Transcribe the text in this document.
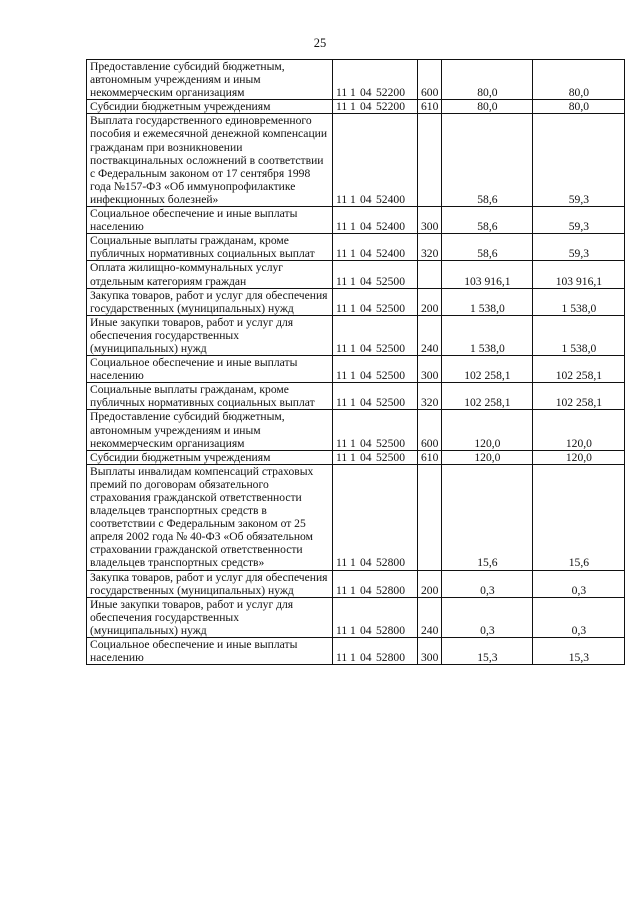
25
Предоставление субсидий бюджетным, автономным учреждениям и иным некоммерческим организациям	11 1 04 52200	600	80,0	80,0
Субсидии бюджетным учреждениям	11 1 04 52200	610	80,0	80,0
Выплата государственного единовременного пособия и ежемесячной денежной компенсации гражданам при возникновении поствакцинальных осложнений в соответствии с Федеральным законом от 17 сентября 1998 года №157-ФЗ «Об иммунопрофилактике инфекционных болезней»	11 1 04 52400		58,6	59,3
Социальное обеспечение и иные выплаты населению	11 1 04 52400	300	58,6	59,3
Социальные выплаты гражданам, кроме публичных нормативных социальных выплат	11 1 04 52400	320	58,6	59,3
Оплата жилищно-коммунальных услуг отдельным категориям граждан	11 1 04 52500		103 916,1	103 916,1
Закупка товаров, работ и услуг для обеспечения государственных (муниципальных) нужд	11 1 04 52500	200	1 538,0	1 538,0
Иные закупки товаров, работ и услуг для обеспечения государственных (муниципальных) нужд	11 1 04 52500	240	1 538,0	1 538,0
Социальное обеспечение и иные выплаты населению	11 1 04 52500	300	102 258,1	102 258,1
Социальные выплаты гражданам, кроме публичных нормативных социальных выплат	11 1 04 52500	320	102 258,1	102 258,1
Предоставление субсидий бюджетным, автономным учреждениям и иным некоммерческим организациям	11 1 04 52500	600	120,0	120,0
Субсидии бюджетным учреждениям	11 1 04 52500	610	120,0	120,0
Выплаты инвалидам компенсаций страховых премий по договорам обязательного страхования гражданской ответственности владельцев транспортных средств в соответствии с Федеральным законом от 25 апреля 2002 года № 40-ФЗ «Об обязательном страховании гражданской ответственности владельцев транспортных средств»	11 1 04 52800		15,6	15,6
Закупка товаров, работ и услуг для обеспечения государственных (муниципальных) нужд	11 1 04 52800	200	0,3	0,3
Иные закупки товаров, работ и услуг для обеспечения государственных (муниципальных) нужд	11 1 04 52800	240	0,3	0,3
Социальное обеспечение и иные выплаты населению	11 1 04 52800	300	15,3	15,3
